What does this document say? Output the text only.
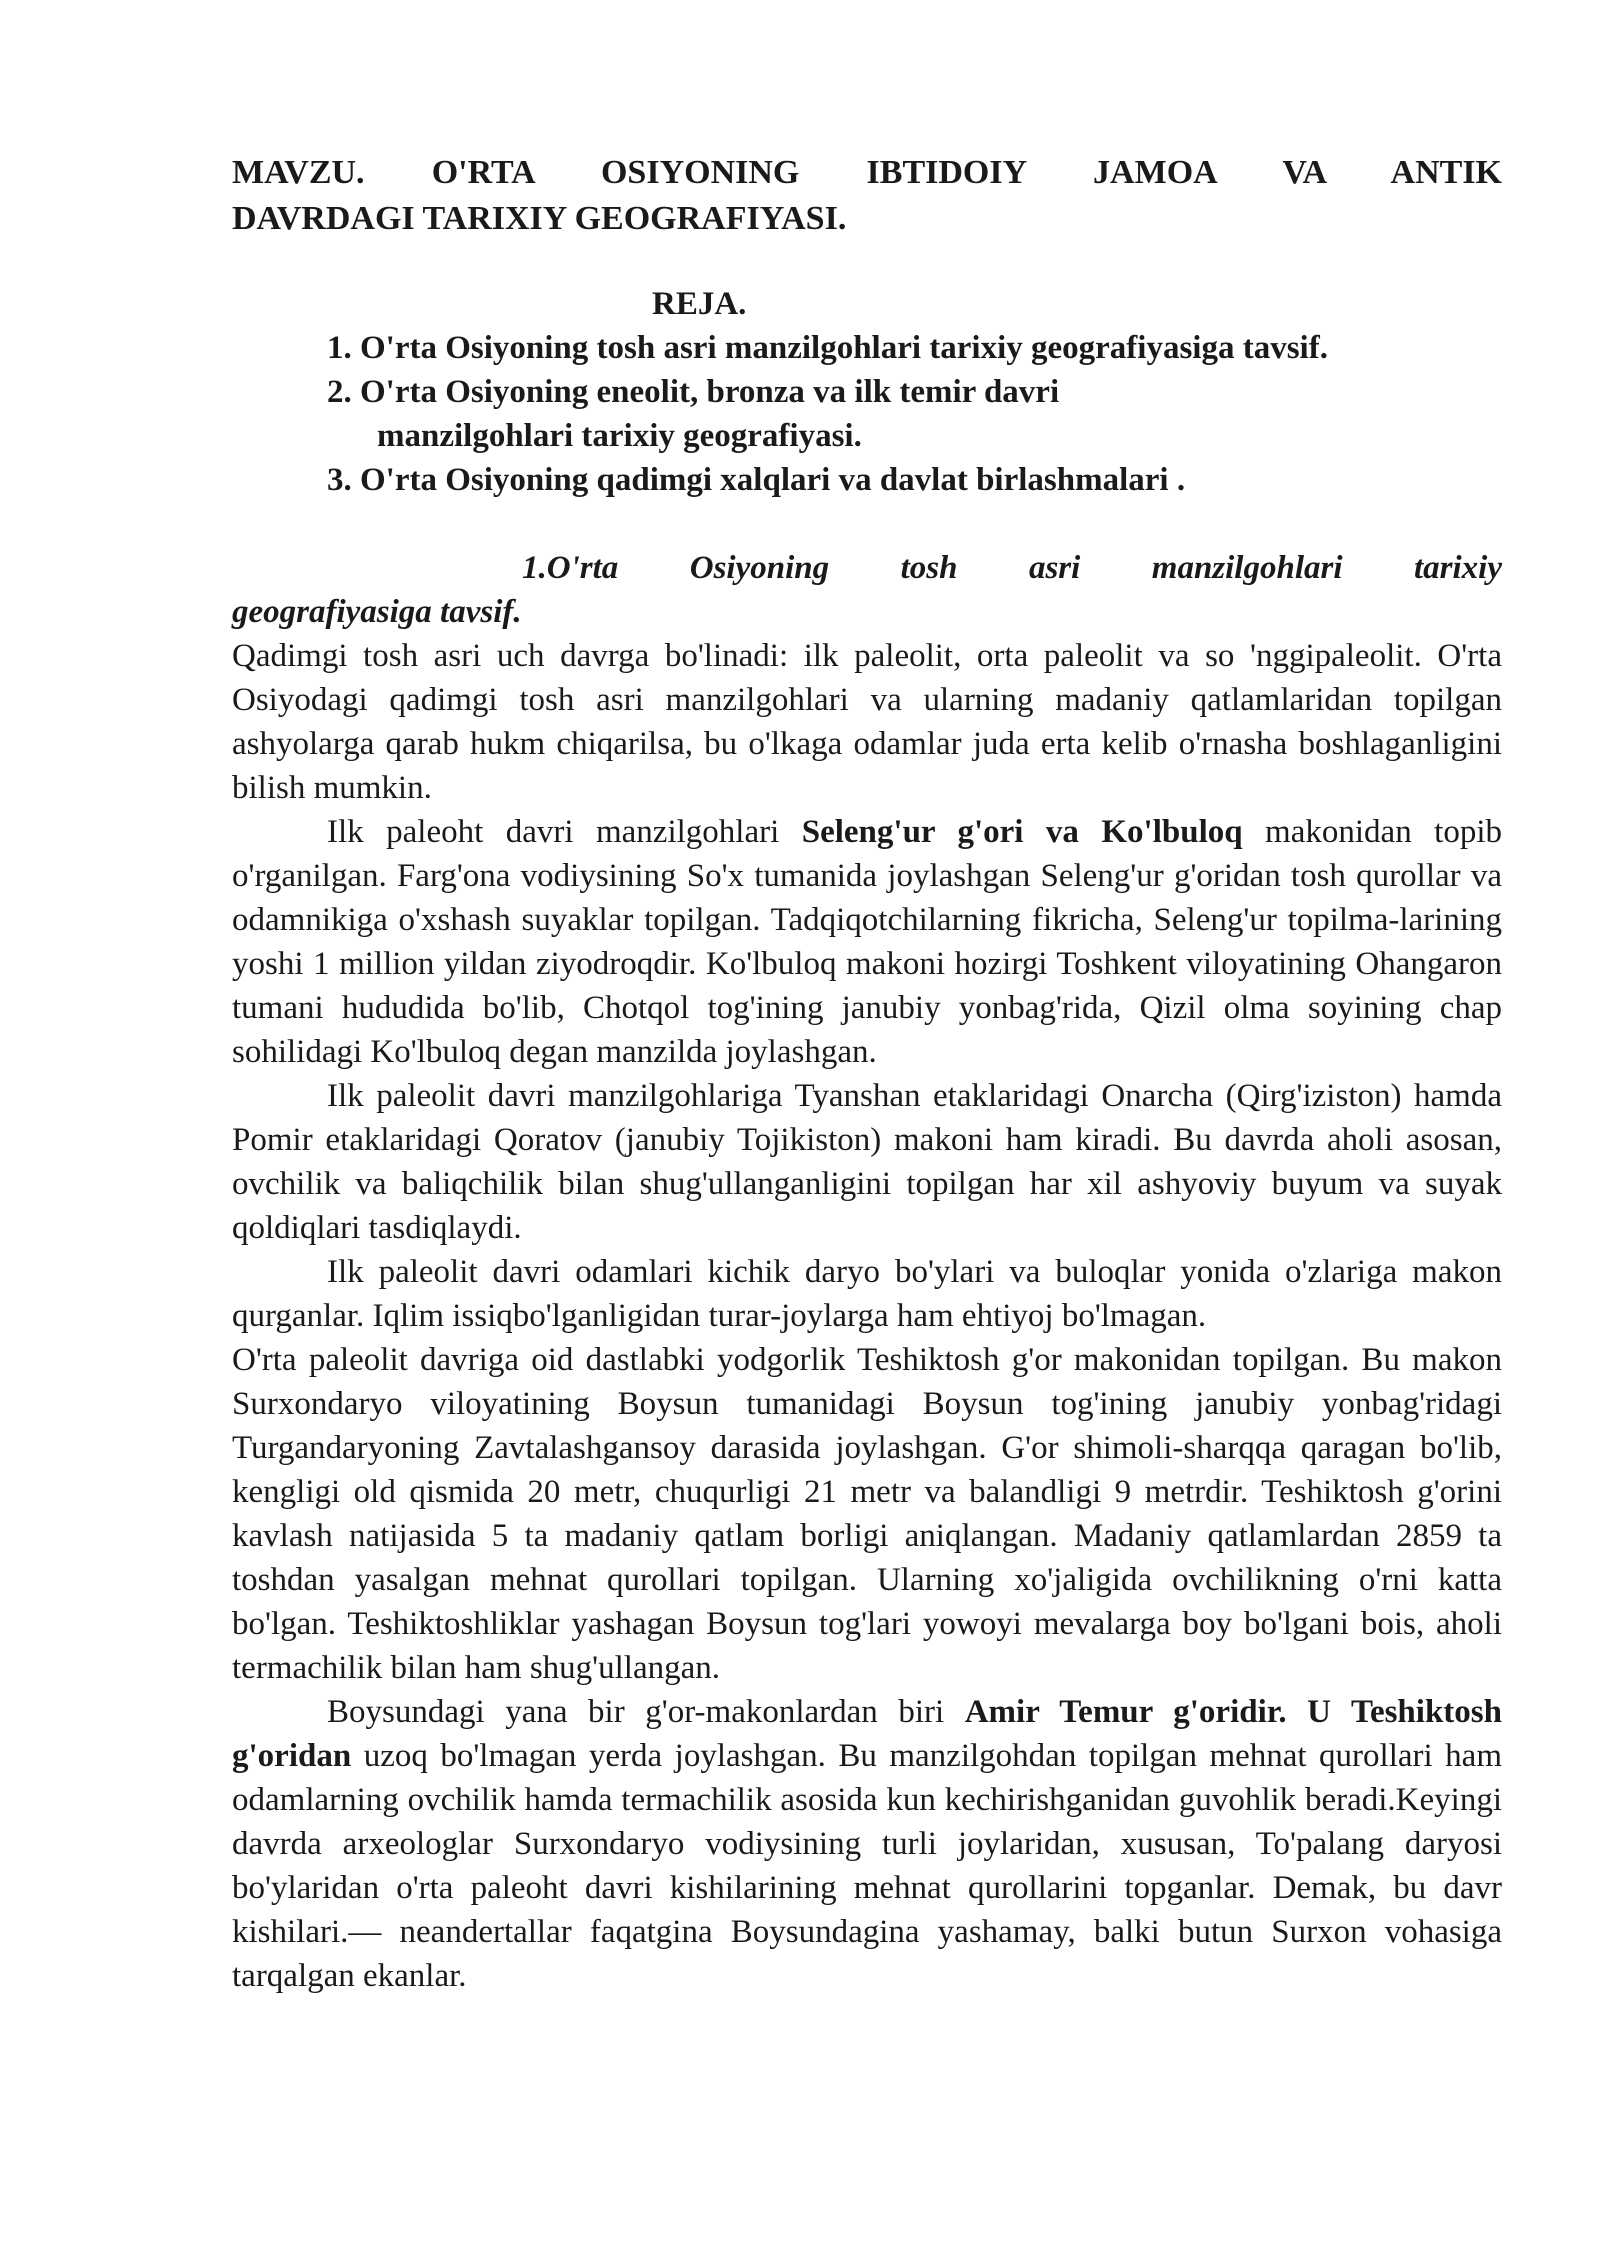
MAVZU. O'RTA OSIYONING IBTIDOIY JAMOA VA ANTIK
DAVRDAGI TARIXIY GEOGRAFIYASI.
REJA.
1. O'rta Osiyoning tosh asri manzilgohlari tarixiy geografiyasiga tavsif.
2. O'rta Osiyoning eneolit, bronza va ilk temir davri
manzilgohlari tarixiy geografiyasi.
3. O'rta Osiyoning qadimgi xalqlari va davlat birlashmalari .
1.O'rta Osiyoning tosh asri manzilgohlari tarixiy
geografiyasiga tavsif.

Qadimgi tosh asri uch davrga bo'linadi: ilk paleolit, orta paleolit va so 'nggipaleolit. O'rta Osiyodagi qadimgi tosh asri manzilgohlari va ularning madaniy qatlamlaridan topilgan ashyolarga qarab hukm chiqarilsa, bu o'lkaga odamlar juda erta kelib o'rnasha boshlaganligini bilish mumkin.

Ilk paleoht davri manzilgohlari Seleng'ur g'ori va Ko'lbuloq makonidan topib o'rganilgan. Farg'ona vodiysining So'x tumanida joylashgan Seleng'ur g'oridan tosh qurollar va odamnikiga o'xshash suyaklar topilgan. Tadqiqotchilarning fikricha, Seleng'ur topilma-larining yoshi 1 million yildan ziyodroqdir. Ko'lbuloq makoni hozirgi Toshkent viloyatining Ohangaron tumani hududida bo'lib, Chotqol tog'ining janubiy yonbag'rida, Qizil olma soyining chap sohilidagi Ko'lbuloq degan manzilda joylashgan.

Ilk paleolit davri manzilgohlariga Tyanshan etaklaridagi Onarcha (Qirg'iziston) hamda Pomir etaklaridagi Qoratov (janubiy Tojikiston) makoni ham kiradi. Bu davrda aholi asosan, ovchilik va baliqchilik bilan shug'ullanganligini topilgan har xil ashyoviy buyum va suyak qoldiqlari tasdiqlaydi.

Ilk paleolit davri odamlari kichik daryo bo'ylari va buloqlar yonida o'zlariga makon qurganlar. Iqlim issiqbo'lganligidan turar-joylarga ham ehtiyoj bo'lmagan.

O'rta paleolit davriga oid dastlabki yodgorlik Teshiktosh g'or makonidan topilgan. Bu makon Surxondaryo viloyatining Boysun tumanidagi Boysun tog'ining janubiy yonbag'ridagi Turgandaryoning Zavtalashgansoy darasida joylashgan. G'or shimoli-sharqqa qaragan bo'lib, kengligi old qismida 20 metr, chuqurligi 21 metr va balandligi 9 metrdir. Teshiktosh g'orini kavlash natijasida 5 ta madaniy qatlam borligi aniqlangan. Madaniy qatlamlardan 2859 ta toshdan yasalgan mehnat qurollari topilgan. Ularning xo'jaligida ovchilikning o'rni katta bo'lgan. Teshiktoshliklar yashagan Boysun tog'lari yowoyi mevalarga boy bo'lgani bois, aholi termachilik bilan ham shug'ullangan.

Boysundagi yana bir g'or-makonlardan biri Amir Temur g'oridir. U Teshiktosh g'oridan uzoq bo'lmagan yerda joylashgan. Bu manzilgohdan topilgan mehnat qurollari ham odamlarning ovchilik hamda termachilik asosida kun kechirishganidan guvohlik beradi.Keyingi davrda arxeologlar Surxondaryo vodiysining turli joylaridan, xususan, To'palang daryosi bo'ylaridan o'rta paleoht davri kishilarining mehnat qurollarini topganlar. Demak, bu davr kishilari.— neandertallar faqatgina Boysundagina yashamay, balki butun Surxon vohasiga tarqalgan ekanlar.
